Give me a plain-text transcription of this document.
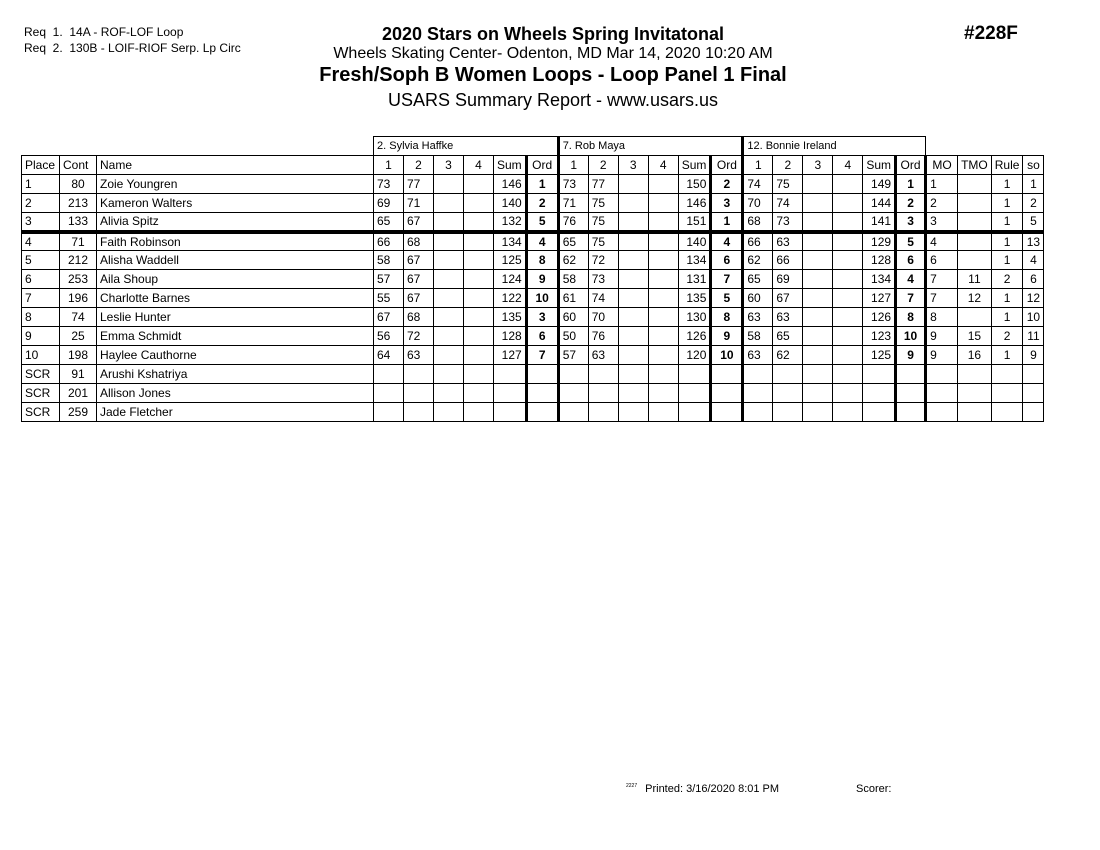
Req  1.  14A - ROF-LOF Loop
Req  2.  130B - LOIF-RIOF Serp. Lp Circ
#228F
2020 Stars on Wheels Spring Invitatonal
Wheels Skating Center- Odenton, MD Mar 14, 2020 10:20 AM
Fresh/Soph B Women Loops - Loop Panel 1 Final
USARS Summary Report - www.usars.us
			2. Sylvia Haffke						7. Rob Maya						12. Bonnie Ireland									
Place	Cont	Name	1	2	3	4	Sum	Ord	1	2	3	4	Sum	Ord	1	2	3	4	Sum	Ord	MO	TMO	Rule	so
1	80	Zoie Youngren	73	77			146	1	73	77			150	2	74	75			149	1	1		1	1
2	213	Kameron Walters	69	71			140	2	71	75			146	3	70	74			144	2	2		1	2
3	133	Alivia Spitz	65	67			132	5	76	75			151	1	68	73			141	3	3		1	5
4	71	Faith Robinson	66	68			134	4	65	75			140	4	66	63			129	5	4		1	13
5	212	Alisha Waddell	58	67			125	8	62	72			134	6	62	66			128	6	6		1	4
6	253	Aila Shoup	57	67			124	9	58	73			131	7	65	69			134	4	7	11	2	6
7	196	Charlotte Barnes	55	67			122	10	61	74			135	5	60	67			127	7	7	12	1	12
8	74	Leslie Hunter	67	68			135	3	60	70			130	8	63	63			126	8	8		1	10
9	25	Emma Schmidt	56	72			128	6	50	76			126	9	58	65			123	10	9	15	2	11
10	198	Haylee Cauthorne	64	63			127	7	57	63			120	10	63	62			125	9	9	16	1	9
SCR	91	Arushi Kshatriya																						
SCR	201	Allison Jones																						
SCR	259	Jade Fletcher																						
$^{2227}$ Printed: 3/16/2020 8:01 PM	Scorer:
